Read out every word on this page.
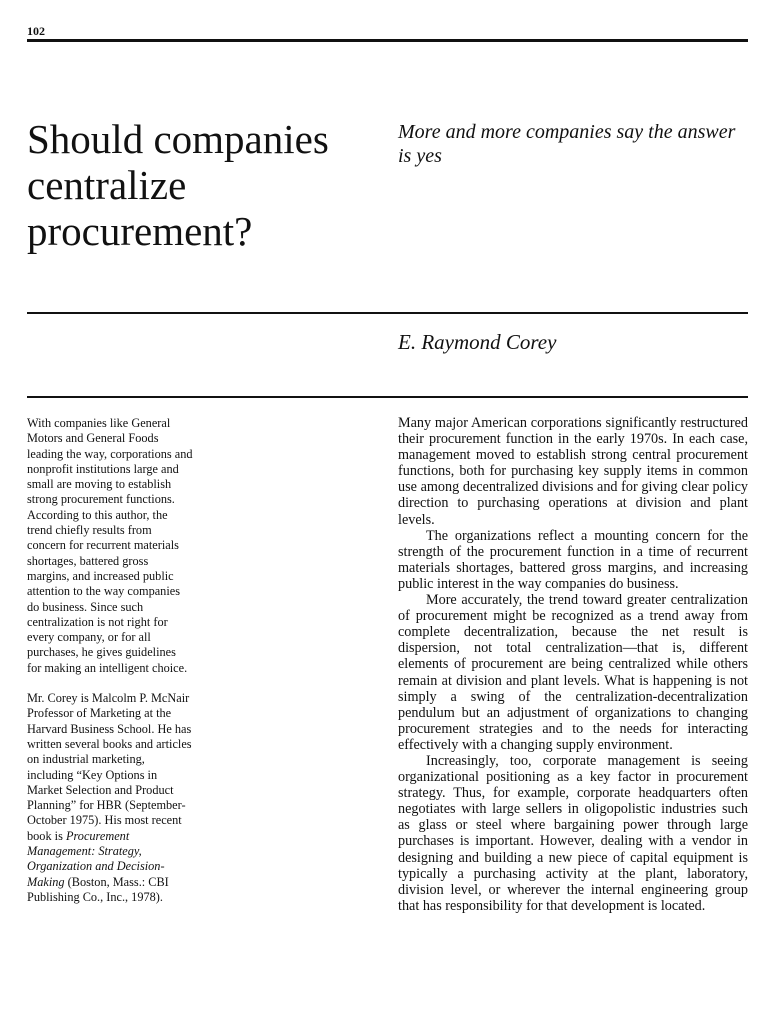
102
Should companies centralize procurement?

More and more companies say the answer is yes

E. Raymond Corey

With companies like General Motors and General Foods leading the way, corporations and nonprofit institutions large and small are moving to establish strong procurement functions. According to this author, the trend chiefly results from concern for recurrent materials shortages, battered gross margins, and increased public attention to the way companies do business. Since such centralization is not right for every company, or for all purchases, he gives guidelines for making an intelligent choice.

Mr. Corey is Malcolm P. McNair Professor of Marketing at the Harvard Business School. He has written several books and articles on industrial marketing, including “Key Options in Market Selection and Product Planning” for HBR (September-October 1975). His most recent book is Procurement Management: Strategy, Organization and Decision-Making (Boston, Mass.: CBI Publishing Co., Inc., 1978).

Many major American corporations significantly restructured their procurement function in the early 1970s. In each case, management moved to establish strong central procurement functions, both for purchasing key supply items in common use among decentralized divisions and for giving clear policy direction to purchasing operations at division and plant levels.

The organizations reflect a mounting concern for the strength of the procurement function in a time of recurrent materials shortages, battered gross margins, and increasing public interest in the way companies do business.

More accurately, the trend toward greater centralization of procurement might be recognized as a trend away from complete decentralization, because the net result is dispersion, not total centralization—that is, different elements of procurement are being centralized while others remain at division and plant levels. What is happening is not simply a swing of the centralization-decentralization pendulum but an adjustment of organizations to changing procurement strategies and to the needs for interacting effectively with a changing supply environment.

Increasingly, too, corporate management is seeing organizational positioning as a key factor in procurement strategy. Thus, for example, corporate headquarters often negotiates with large sellers in oligopolistic industries such as glass or steel where bargaining power through large purchases is important. However, dealing with a vendor in designing and building a new piece of capital equipment is typically a purchasing activity at the plant, laboratory, division level, or wherever the internal engineering group that has responsibility for that development is located.
